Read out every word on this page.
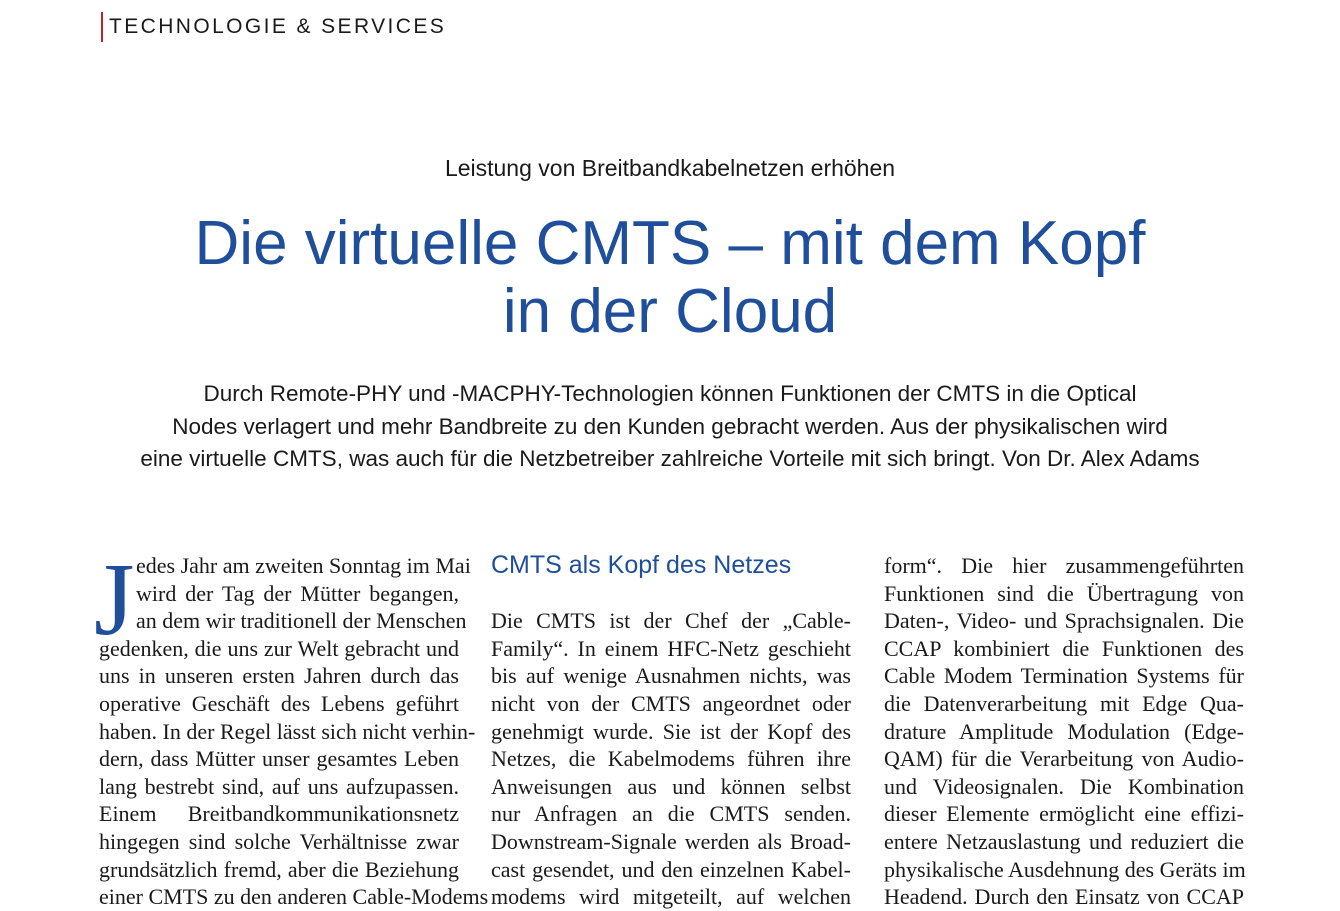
TECHNOLOGIE & SERVICES
Leistung von Breitbandkabelnetzen erhöhen
Die virtuelle CMTS – mit dem Kopf
in der Cloud
Durch Remote-PHY und -MACPHY-Technologien können Funktionen der CMTS in die Optical
Nodes verlagert und mehr Bandbreite zu den Kunden gebracht werden. Aus der physikalischen wird
eine virtuelle CMTS, was auch für die Netzbetreiber zahlreiche Vorteile mit sich bringt. Von Dr. Alex Adams
J edes Jahr am zweiten Sonntag im Mai
wird der Tag der Mütter begangen,
an dem wir traditionell der Menschen
gedenken, die uns zur Welt gebracht und
uns in unseren ersten Jahren durch das
operative Geschäft des Lebens geführt
haben. In der Regel lässt sich nicht verhin-
dern, dass Mütter unser gesamtes Leben
lang bestrebt sind, auf uns aufzupassen.
Einem Breitbandkommunikationsnetz
hingegen sind solche Verhältnisse zwar
grundsätzlich fremd, aber die Beziehung
einer CMTS zu den anderen Cable-Modems
CMTS als Kopf des Netzes
Die CMTS ist der Chef der „Cable-
Family“. In einem HFC-Netz geschieht
bis auf wenige Ausnahmen nichts, was
nicht von der CMTS angeordnet oder
genehmigt wurde. Sie ist der Kopf des
Netzes, die Kabelmodems führen ihre
Anweisungen aus und können selbst
nur Anfragen an die CMTS senden.
Downstream-Signale werden als Broad-
cast gesendet, und den einzelnen Kabel-
modems wird mitgeteilt, auf welchen
form“. Die hier zusammengeführten
Funktionen sind die Übertragung von
Daten-, Video- und Sprachsignalen. Die
CCAP kombiniert die Funktionen des
Cable Modem Termination Systems für
die Datenverarbeitung mit Edge Qua-
drature Amplitude Modulation (Edge-
QAM) für die Verarbeitung von Audio-
und Videosignalen. Die Kombination
dieser Elemente ermöglicht eine effizi-
entere Netzauslastung und reduziert die
physikalische Ausdehnung des Geräts im
Headend. Durch den Einsatz von CCAP
